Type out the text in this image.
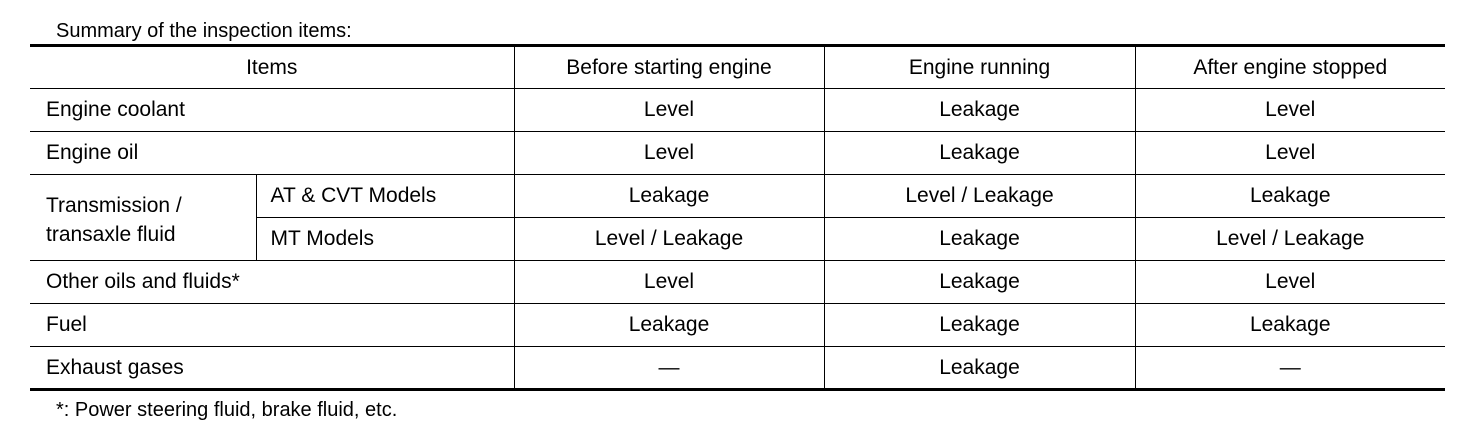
Summary of the inspection items:
Items		Before starting engine	Engine running	After engine stopped
Engine coolant		Level	Leakage	Level
Engine oil		Level	Leakage	Level
Transmission / transaxle fluid	AT & CVT Models	Leakage	Level / Leakage	Leakage
	MT Models	Level / Leakage	Leakage	Level / Leakage
Other oils and fluids*		Level	Leakage	Level
Fuel		Leakage	Leakage	Leakage
Exhaust gases		—	Leakage	—
*: Power steering fluid, brake fluid, etc.
